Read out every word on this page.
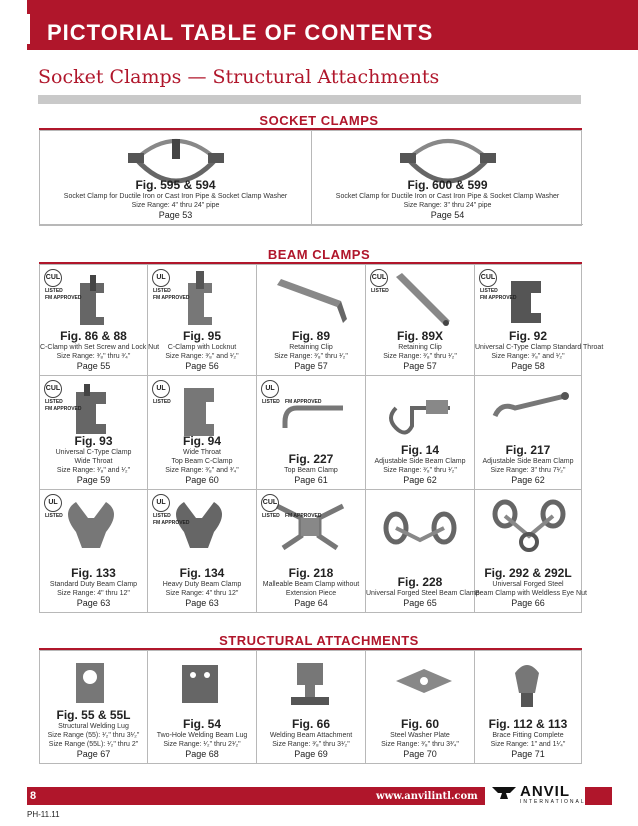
PICTORIAL TABLE OF CONTENTS
Socket Clamps — Structural Attachments
SOCKET CLAMPS
Fig. 595 & 594
Socket Clamp for Ductile Iron or Cast Iron Pipe & Socket Clamp Washer
Size Range: 4" thru 24" pipe
Page 53
Fig. 600 & 599
Socket Clamp for Ductile Iron or Cast Iron Pipe & Socket Clamp Washer
Size Range: 3" thru 24" pipe
Page 54
BEAM CLAMPS
CUL
LISTED
FM APPROVED
Fig. 86 & 88
C-Clamp with Set Screw and Lock Nut
Size Range: ³⁄₈" thru ³⁄₄"
Page 55
UL
LISTED
FM APPROVED
Fig. 95
C-Clamp with Locknut
Size Range: ³⁄₈" and ¹⁄₂"
Page 56
Fig. 89
Retaining Clip
Size Range: ³⁄₈" thru ¹⁄₂"
Page 57
CUL
LISTED
Fig. 89X
Retaining Clip
Size Range: ³⁄₈" thru ¹⁄₂"
Page 57
CUL
LISTED
FM APPROVED
Fig. 92
Universal C-Type Clamp Standard Throat
Size Range: ³⁄₈" and ¹⁄₂"
Page 58
CUL
LISTED
FM APPROVED
Fig. 93
Universal C-Type Clamp
Wide Throat
Size Range: ³⁄₈" and ¹⁄₂"
Page 59
UL
LISTED
Fig. 94
Wide Throat
Top Beam C-Clamp
Size Range: ³⁄₈" and ³⁄₄"
Page 60
UL
LISTED FM APPROVED
Fig. 227
Top Beam Clamp
Page 61
Fig. 14
Adjustable Side Beam Clamp
Size Range: ³⁄₈" thru ¹⁄₂"
Page 62
Fig. 217
Adjustable Side Beam Clamp
Size Range: 3" thru 7¹⁄₂"
Page 62
UL
LISTED
Fig. 133
Standard Duty Beam Clamp
Size Range: 4" thru 12"
Page 63
UL
LISTED
FM APPROVED
Fig. 134
Heavy Duty Beam Clamp
Size Range: 4" thru 12"
Page 63
CUL
LISTED FM APPROVED
Fig. 218
Malleable Beam Clamp without
Extension Piece
Page 64
Fig. 228
Universal Forged Steel Beam Clamp
Page 65
Fig. 292 & 292L
Universal Forged Steel
Beam Clamp with Weldless Eye Nut
Page 66
STRUCTURAL ATTACHMENTS
Fig. 55 & 55L
Structural Welding Lug
Size Range (55): ¹⁄₂" thru 3¹⁄₂"
Size Range (55L): ¹⁄₂" thru 2"
Page 67
Fig. 54
Two-Hole Welding Beam Lug
Size Range: ¹⁄₂" thru 2¹⁄₂"
Page 68
Fig. 66
Welding Beam Attachment
Size Range: ³⁄₈" thru 3¹⁄₂"
Page 69
Fig. 60
Steel Washer Plate
Size Range: ³⁄₈" thru 3³⁄₄"
Page 70
Fig. 112 & 113
Brace Fitting Complete
Size Range: 1" and 1¹⁄₄"
Page 71
8	www.anvilintl.com	ANVIL
INTERNATIONAL
PH-11.11
